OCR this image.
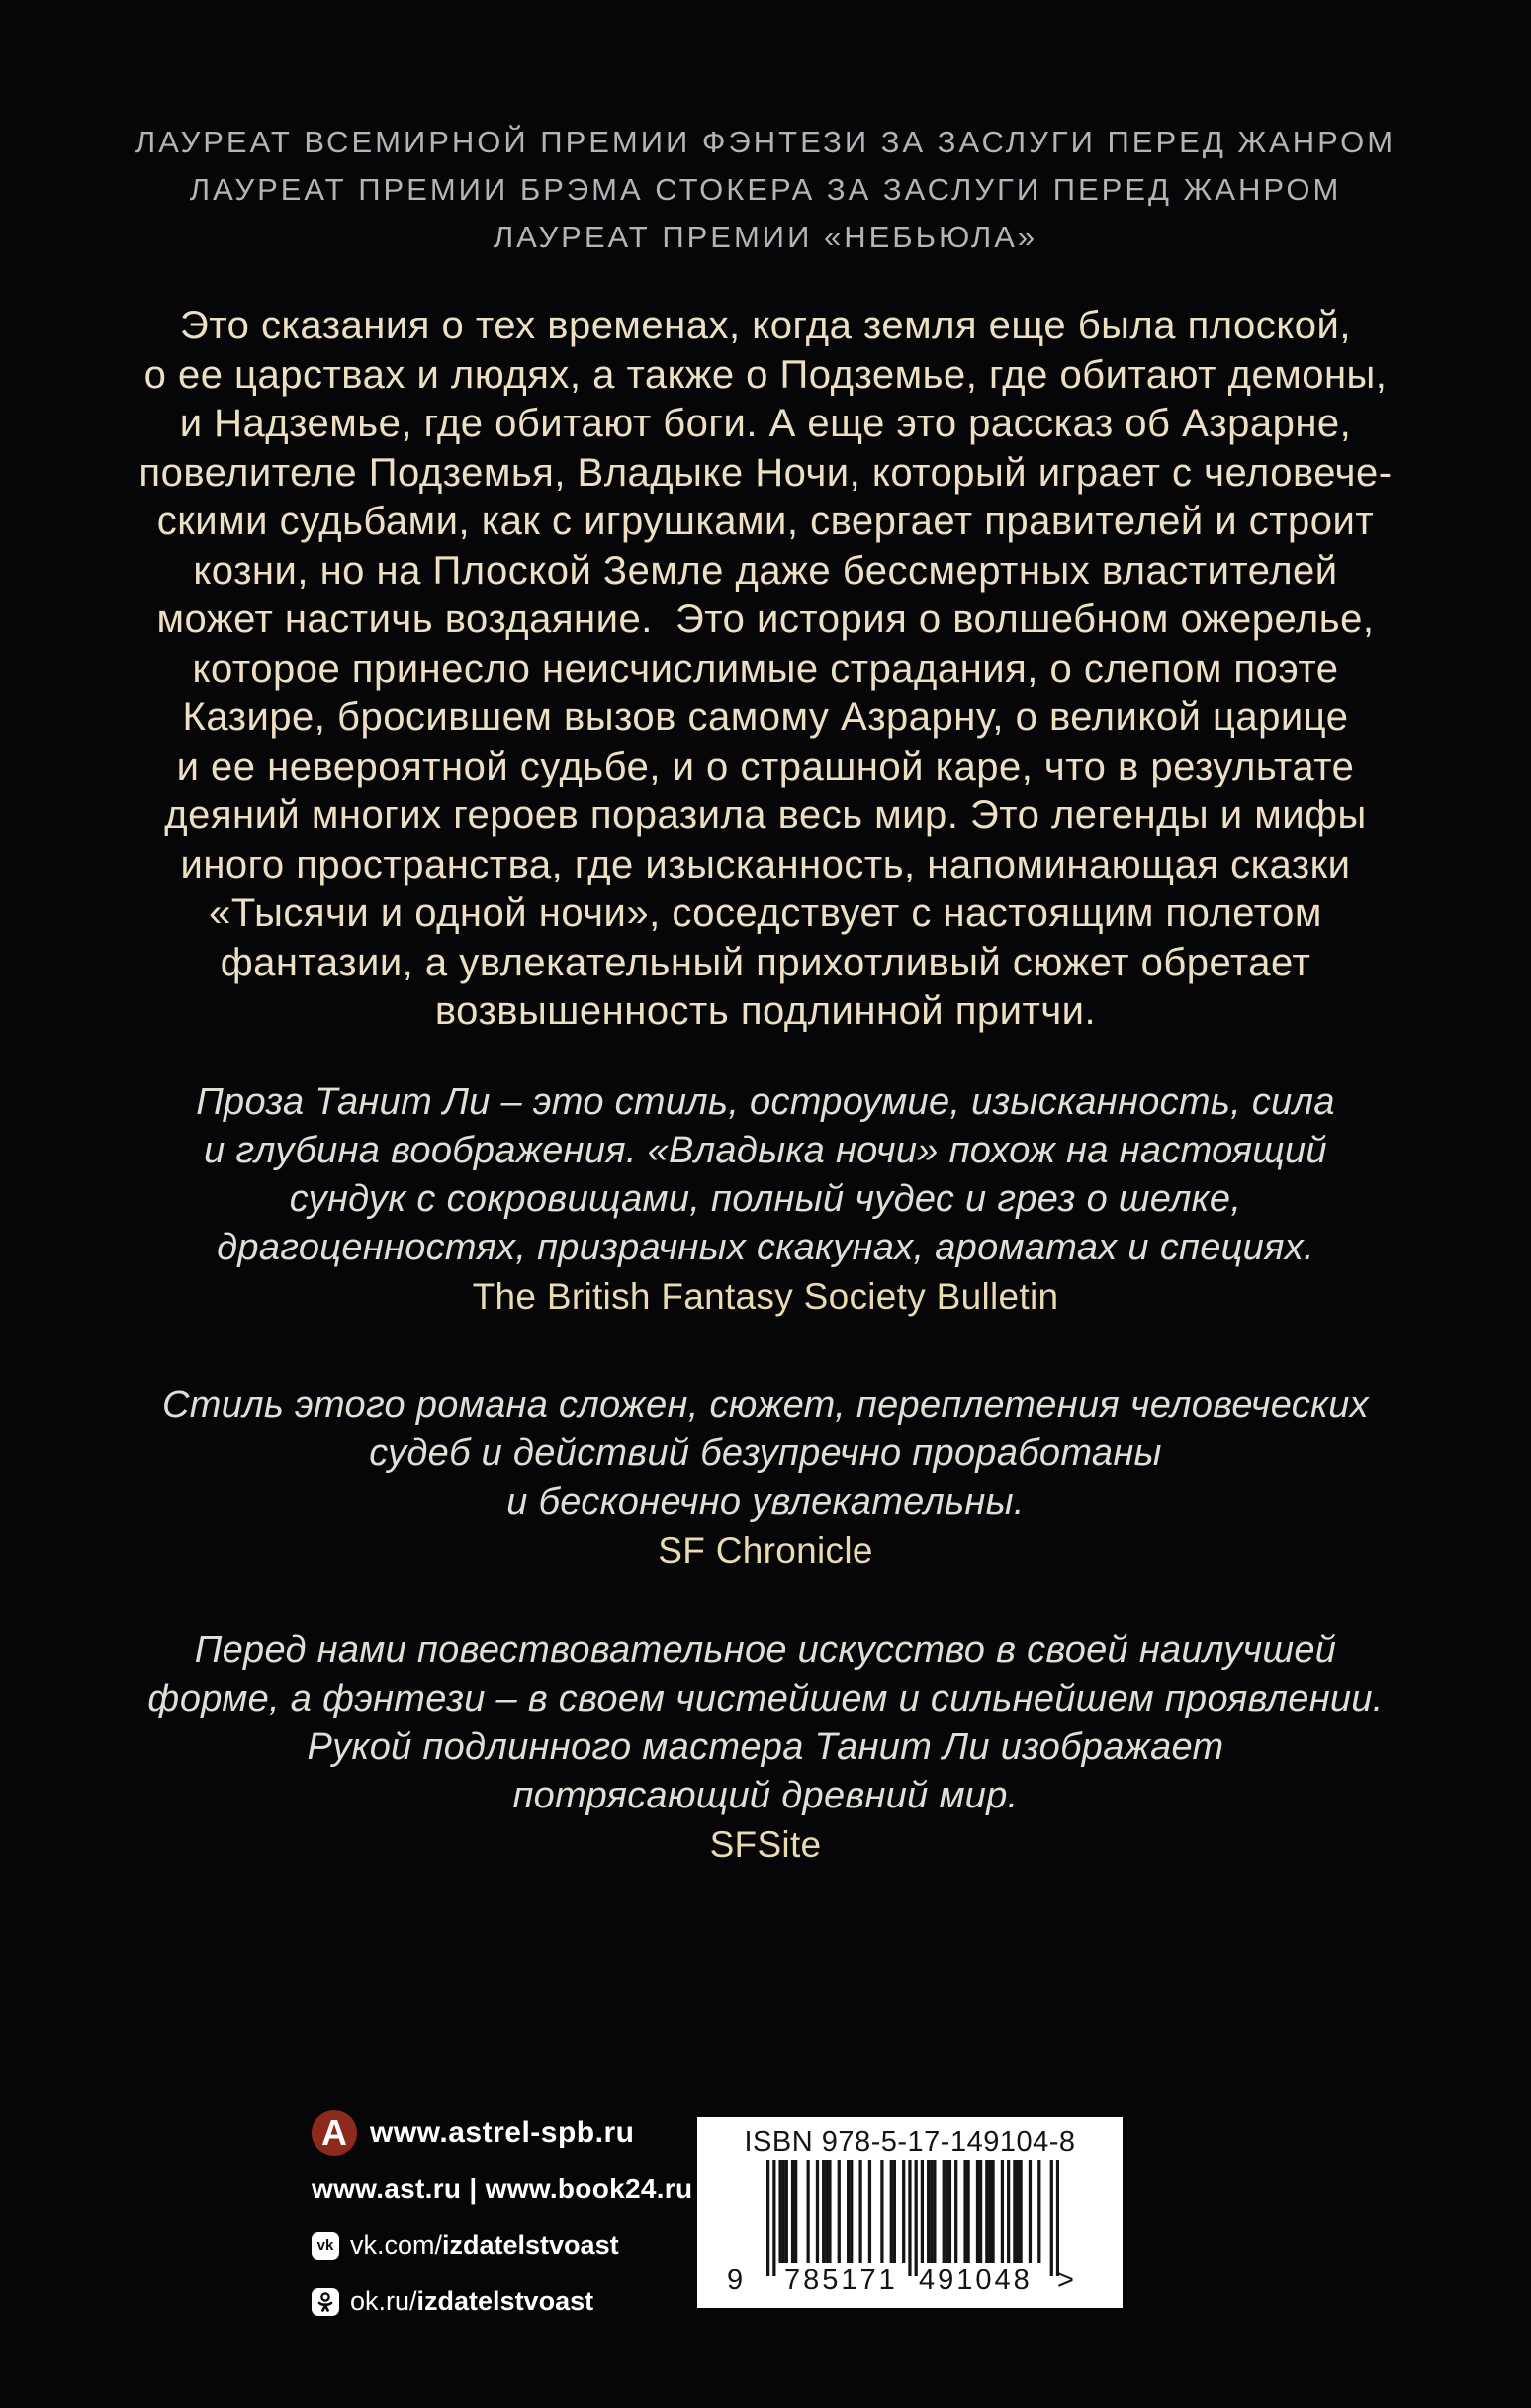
ЛАУРЕАТ ВСЕМИРНОЙ ПРЕМИИ ФЭНТЕЗИ ЗА ЗАСЛУГИ ПЕРЕД ЖАНРОМ
ЛАУРЕАТ ПРЕМИИ БРЭМА СТОКЕРА ЗА ЗАСЛУГИ ПЕРЕД ЖАНРОМ
ЛАУРЕАТ ПРЕМИИ «НЕБЬЮЛА»
Это сказания о тех временах, когда земля еще была плоской,
о ее царствах и людях, а также о Подземье, где обитают демоны,
и Надземье, где обитают боги. А еще это рассказ об Азрарне,
повелителе Подземья, Владыке Ночи, который играет с человече-
скими судьбами, как с игрушками, свергает правителей и строит
козни, но на Плоской Земле даже бессмертных властителей
может настичь воздаяние.  Это история о волшебном ожерелье,
которое принесло неисчислимые страдания, о слепом поэте
Казире, бросившем вызов самому Азрарну, о великой царице
и ее невероятной судьбе, и о страшной каре, что в результате
деяний многих героев поразила весь мир. Это легенды и мифы
иного пространства, где изысканность, напоминающая сказки
«Тысячи и одной ночи», соседствует с настоящим полетом
фантазии, а увлекательный прихотливый сюжет обретает
возвышенность подлинной притчи.
Проза Танит Ли – это стиль, остроумие, изысканность, сила
и глубина воображения. «Владыка ночи» похож на настоящий
сундук с сокровищами, полный чудес и грез о шелке,
драгоценностях, призрачных скакунах, ароматах и специях.
The British Fantasy Society Bulletin
Стиль этого романа сложен, сюжет, переплетения человеческих
судеб и действий безупречно проработаны
и бесконечно увлекательны.
SF Chronicle
Перед нами повествовательное искусство в своей наилучшей
форме, а фэнтези – в своем чистейшем и сильнейшем проявлении.
Рукой подлинного мастера Танит Ли изображает
потрясающий древний мир.
SFSite
A www.astrel-spb.ru
www.ast.ru | www.book24.ru
vk vk.com/izdatelstvoast
ok.ru/izdatelstvoast
ISBN 978-5-17-149104-8
9 785171 491048 >
